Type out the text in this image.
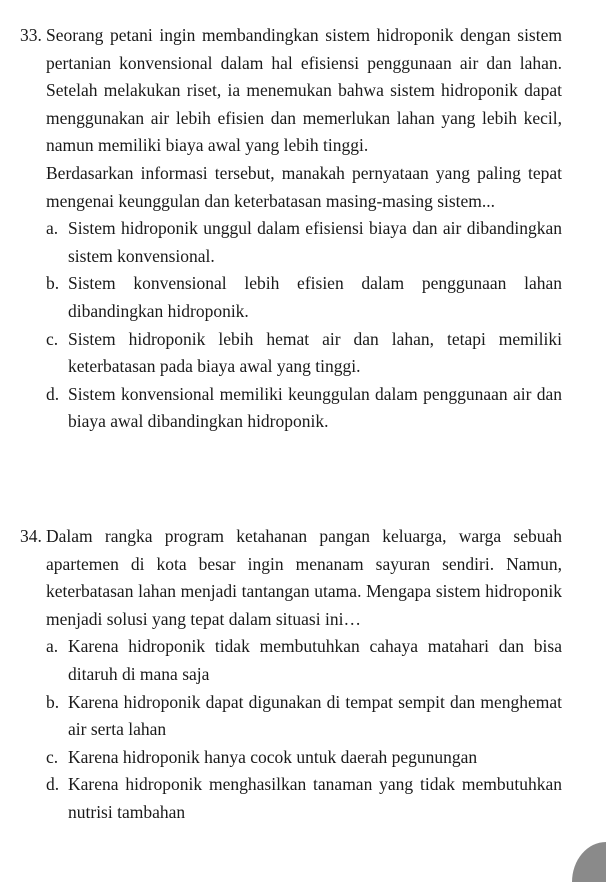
33. Seorang petani ingin membandingkan sistem hidroponik dengan sistem pertanian konvensional dalam hal efisiensi penggunaan air dan lahan. Setelah melakukan riset, ia menemukan bahwa sistem hidroponik dapat menggunakan air lebih efisien dan memerlukan lahan yang lebih kecil, namun memiliki biaya awal yang lebih tinggi.

Berdasarkan informasi tersebut, manakah pernyataan yang paling tepat mengenai keunggulan dan keterbatasan masing-masing sistem...

a. Sistem hidroponik unggul dalam efisiensi biaya dan air dibandingkan sistem konvensional.
b. Sistem konvensional lebih efisien dalam penggunaan lahan dibandingkan hidroponik.
c. Sistem hidroponik lebih hemat air dan lahan, tetapi memiliki keterbatasan pada biaya awal yang tinggi.
d. Sistem konvensional memiliki keunggulan dalam penggunaan air dan biaya awal dibandingkan hidroponik.
34. Dalam rangka program ketahanan pangan keluarga, warga sebuah apartemen di kota besar ingin menanam sayuran sendiri. Namun, keterbatasan lahan menjadi tantangan utama. Mengapa sistem hidroponik menjadi solusi yang tepat dalam situasi ini…

a. Karena hidroponik tidak membutuhkan cahaya matahari dan bisa ditaruh di mana saja
b. Karena hidroponik dapat digunakan di tempat sempit dan menghemat air serta lahan
c. Karena hidroponik hanya cocok untuk daerah pegunungan
d. Karena hidroponik menghasilkan tanaman yang tidak membutuhkan nutrisi tambahan
